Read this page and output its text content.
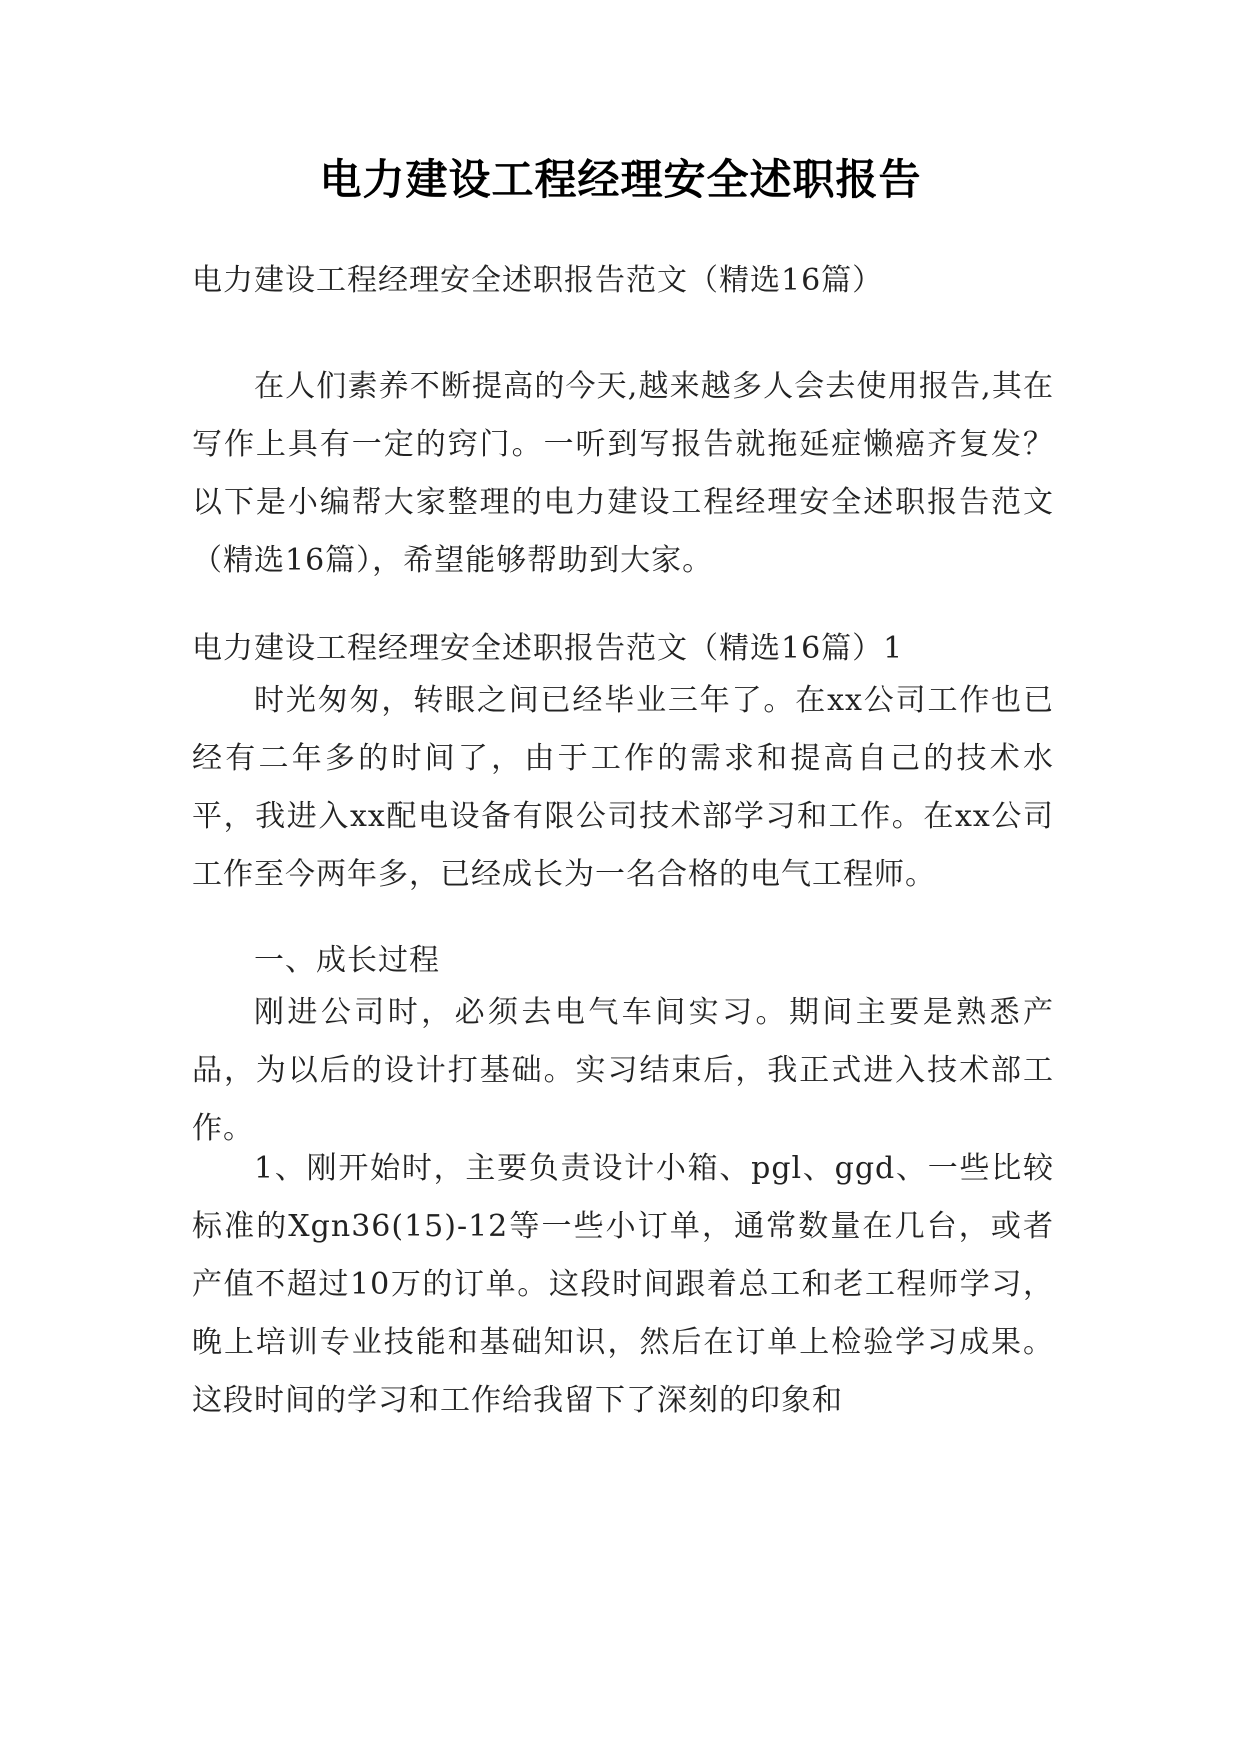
电力建设工程经理安全述职报告
电力建设工程经理安全述职报告范文（精选16篇）

在人们素养不断提高的今天,越来越多人会去使用报告,其在写作上具有一定的窍门。一听到写报告就拖延症懒癌齐复发？以下是小编帮大家整理的电力建设工程经理安全述职报告范文（精选16篇），希望能够帮助到大家。

电力建设工程经理安全述职报告范文（精选16篇）1

时光匆匆，转眼之间已经毕业三年了。在xx公司工作也已经有二年多的时间了，由于工作的需求和提高自己的技术水平，我进入xx配电设备有限公司技术部学习和工作。在xx公司工作至今两年多，已经成长为一名合格的电气工程师。

一、成长过程

刚进公司时，必须去电气车间实习。期间主要是熟悉产品，为以后的设计打基础。实习结束后，我正式进入技术部工作。

1、刚开始时，主要负责设计小箱、pgl、ggd、一些比较标准的Xgn36(15)-12等一些小订单，通常数量在几台，或者产值不超过10万的订单。这段时间跟着总工和老工程师学习，晚上培训专业技能和基础知识，然后在订单上检验学习成果。这段时间的学习和工作给我留下了深刻的印象和
